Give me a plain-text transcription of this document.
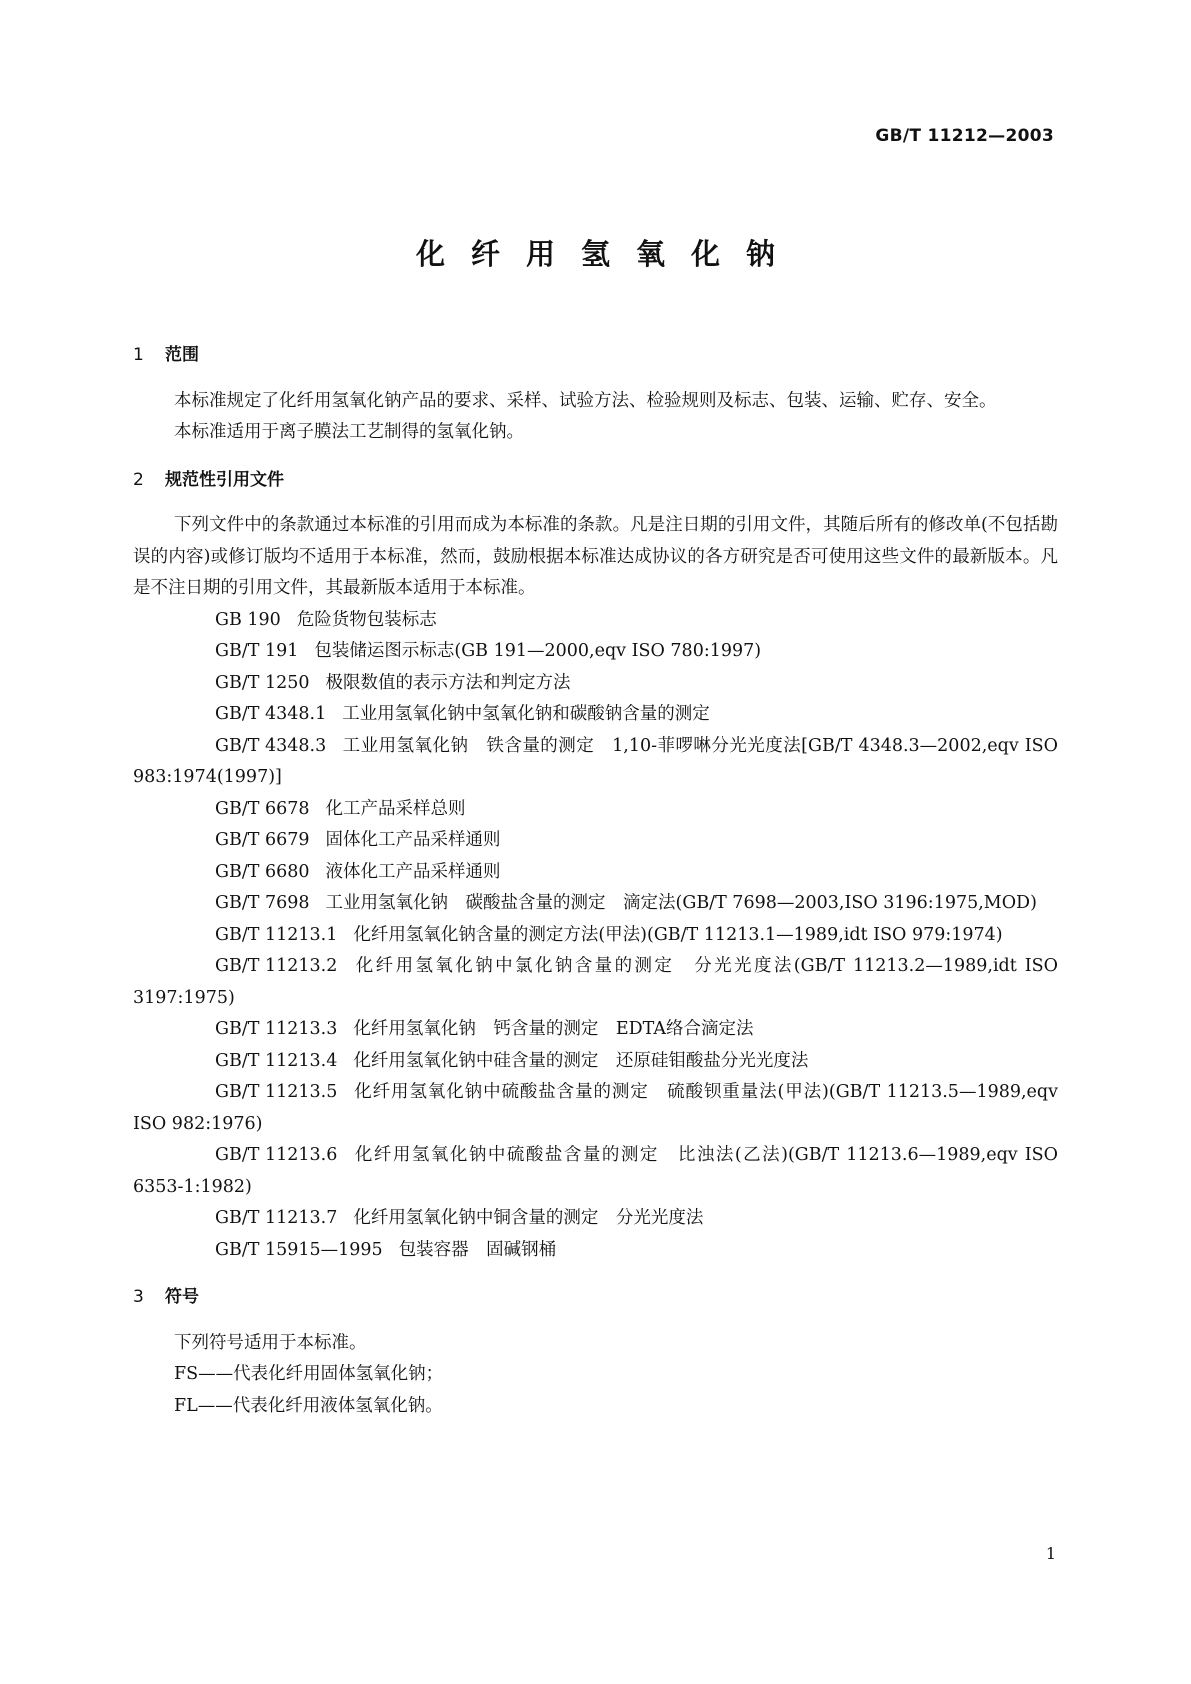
GB/T 11212—2003
化纤用氢氧化钠
1 范围

本标准规定了化纤用氢氧化钠产品的要求、采样、试验方法、检验规则及标志、包装、运输、贮存、安全。

本标准适用于离子膜法工艺制得的氢氧化钠。

2 规范性引用文件

下列文件中的条款通过本标准的引用而成为本标准的条款。凡是注日期的引用文件，其随后所有的修改单(不包括勘误的内容)或修订版均不适用于本标准，然而，鼓励根据本标准达成协议的各方研究是否可使用这些文件的最新版本。凡是不注日期的引用文件，其最新版本适用于本标准。

GB 190 危险货物包装标志

GB/T 191 包装储运图示标志(GB 191—2000,eqv ISO 780:1997)

GB/T 1250 极限数值的表示方法和判定方法

GB/T 4348.1 工业用氢氧化钠中氢氧化钠和碳酸钠含量的测定

GB/T 4348.3 工业用氢氧化钠　铁含量的测定　1,10-菲啰啉分光光度法[GB/T 4348.3—2002,eqv ISO 983:1974(1997)]

GB/T 6678 化工产品采样总则

GB/T 6679 固体化工产品采样通则

GB/T 6680 液体化工产品采样通则

GB/T 7698 工业用氢氧化钠　碳酸盐含量的测定　滴定法(GB/T 7698—2003,ISO 3196:1975,MOD)

GB/T 11213.1 化纤用氢氧化钠含量的测定方法(甲法)(GB/T 11213.1—1989,idt ISO 979:1974)

GB/T 11213.2 化纤用氢氧化钠中氯化钠含量的测定　分光光度法(GB/T 11213.2—1989,idt ISO 3197:1975)

GB/T 11213.3 化纤用氢氧化钠　钙含量的测定　EDTA络合滴定法

GB/T 11213.4 化纤用氢氧化钠中硅含量的测定　还原硅钼酸盐分光光度法

GB/T 11213.5 化纤用氢氧化钠中硫酸盐含量的测定　硫酸钡重量法(甲法)(GB/T 11213.5—1989,eqv ISO 982:1976)

GB/T 11213.6 化纤用氢氧化钠中硫酸盐含量的测定　比浊法(乙法)(GB/T 11213.6—1989,eqv ISO 6353-1:1982)

GB/T 11213.7 化纤用氢氧化钠中铜含量的测定　分光光度法

GB/T 15915—1995 包装容器　固碱钢桶

3 符号

下列符号适用于本标准。

FS——代表化纤用固体氢氧化钠；

FL——代表化纤用液体氢氧化钠。

1
